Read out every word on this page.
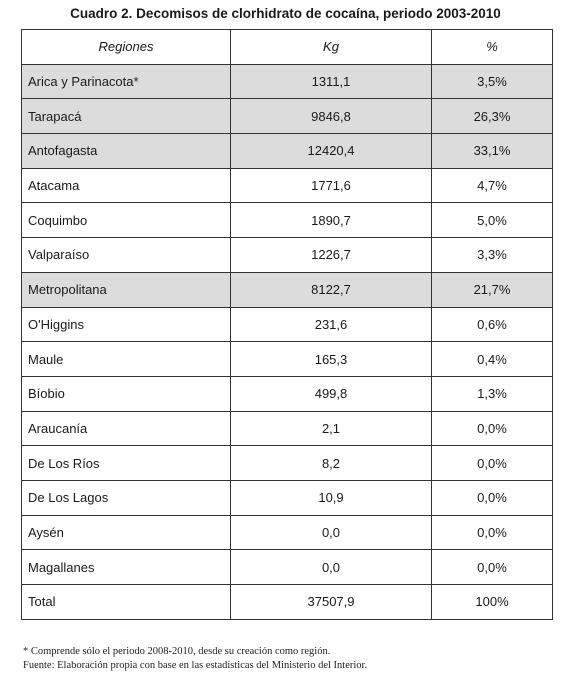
Cuadro 2. Decomisos de clorhidrato de cocaína, periodo 2003-2010
Regiones	Kg	%
Arica y Parinacota*	1311,1	3,5%
Tarapacá	9846,8	26,3%
Antofagasta	12420,4	33,1%
Atacama	1771,6	4,7%
Coquimbo	1890,7	5,0%
Valparaíso	1226,7	3,3%
Metropolitana	8122,7	21,7%
O'Higgins	231,6	0,6%
Maule	165,3	0,4%
Bíobio	499,8	1,3%
Araucanía	2,1	0,0%
De Los Ríos	8,2	0,0%
De Los Lagos	10,9	0,0%
Aysén	0,0	0,0%
Magallanes	0,0	0,0%
Total	37507,9	100%
* Comprende sólo el periodo 2008-2010, desde su creación como región.
Fuente: Elaboración propia con base en las estadísticas del Ministerio del Interior.
